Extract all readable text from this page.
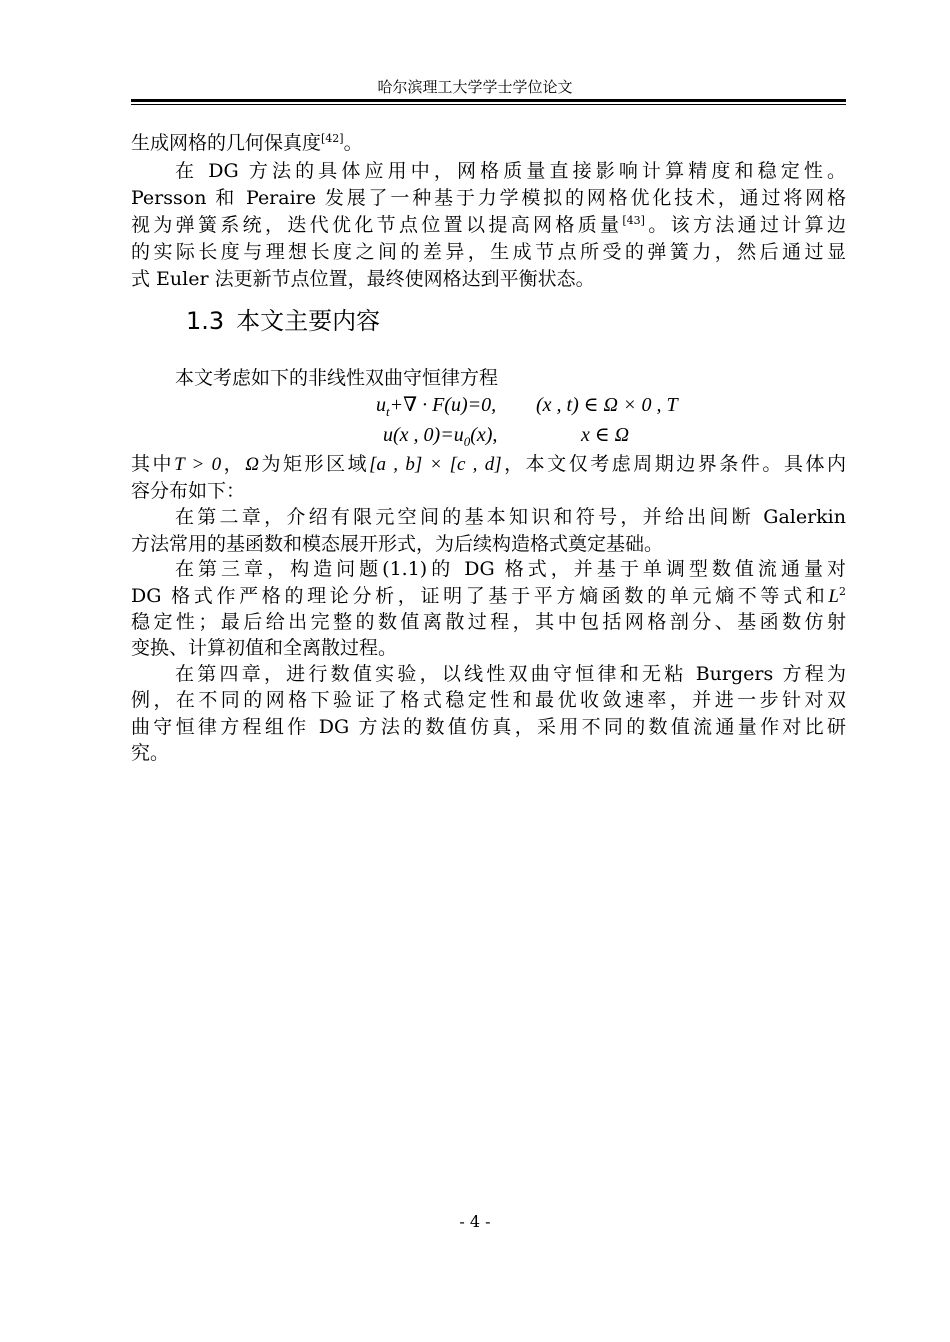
哈尔滨理工大学学士学位论文
生成网格的几何保真度[42]。
在 DG 方法的具体应用中，网格质量直接影响计算精度和稳定性。
Persson 和 Peraire 发展了一种基于力学模拟的网格优化技术，通过将网格
视为弹簧系统，迭代优化节点位置以提高网格质量[43]。该方法通过计算边
的实际长度与理想长度之间的差异，生成节点所受的弹簧力，然后通过显
式 Euler 法更新节点位置，最终使网格达到平衡状态。
1.3 本文主要内容
本文考虑如下的非线性双曲守恒律方程
$u_t+\nabla \cdot F(u)=0$, (x , t) ∈ Ω × 0 , T
u(x , $0)=u_0(x)$,	x ∈ Ω
其中T > 0，Ω为矩形区域[a , b] × [c , d]，本文仅考虑周期边界条件。具体内
容分布如下：
在第二章，介绍有限元空间的基本知识和符号，并给出间断 Galerkin
方法常用的基函数和模态展开形式，为后续构造格式奠定基础。
在第三章，构造问题(1.1)的 DG 格式，并基于单调型数值流通量对
DG 格式作严格的理论分析，证明了基于平方熵函数的单元熵不等式和$L^2$
稳定性；最后给出完整的数值离散过程，其中包括网格剖分、基函数仿射
变换、计算初值和全离散过程。
在第四章，进行数值实验，以线性双曲守恒律和无粘 Burgers 方程为
例，在不同的网格下验证了格式稳定性和最优收敛速率，并进一步针对双
曲守恒律方程组作 DG 方法的数值仿真，采用不同的数值流通量作对比研
究。
- 4 -
